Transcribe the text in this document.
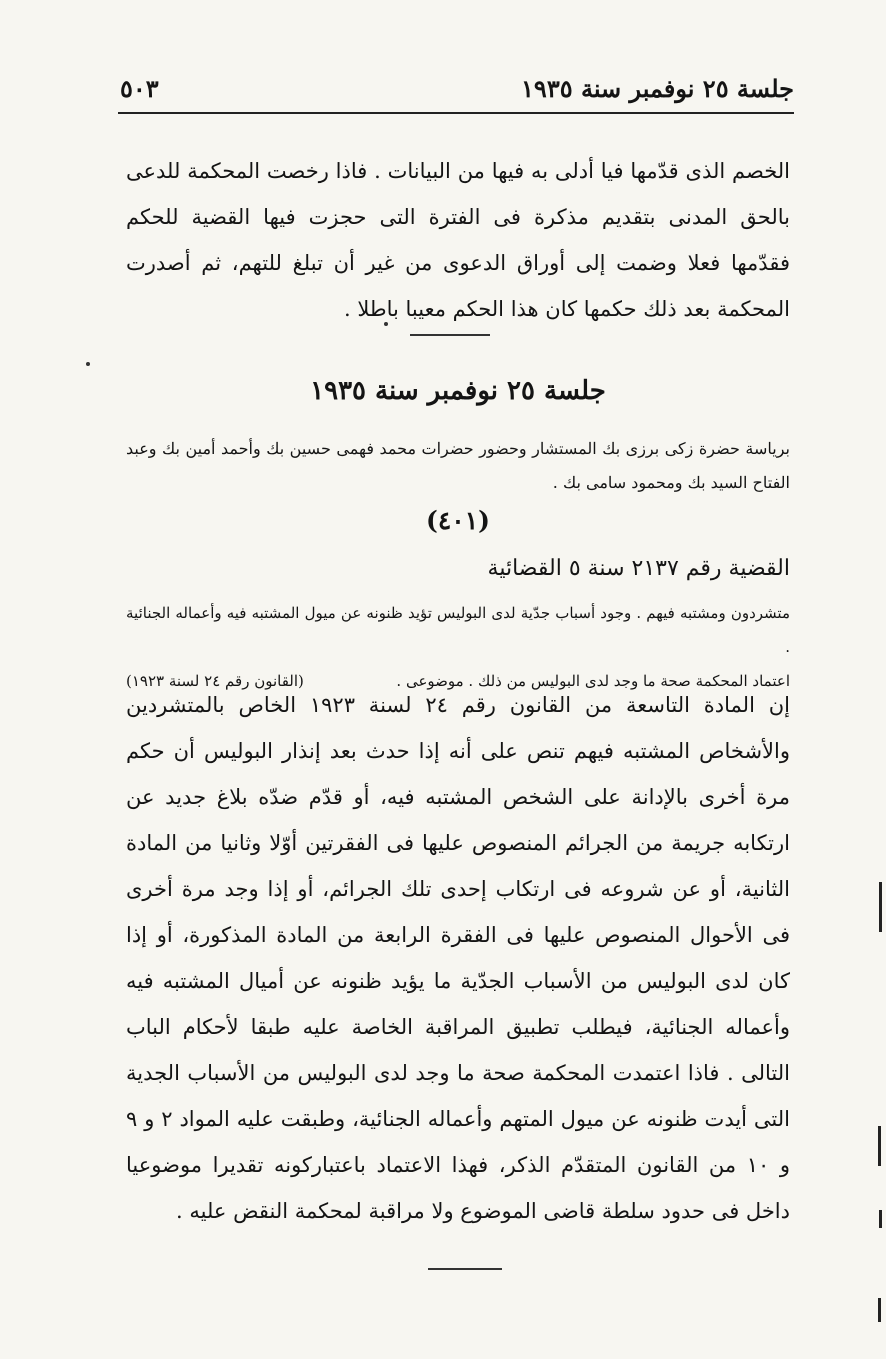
جلسة ٢٥ نوفمبر سنة ١٩٣٥
٥٠٣
الخصم الذى قدّمها فيا أدلى به فيها من البيانات . فاذا رخصت المحكمة للدعى بالحق المدنى بتقديم مذكرة فى الفترة التى حجزت فيها القضية للحكم فقدّمها فعلا وضمت إلى أوراق الدعوى من غير أن تبلغ للتهم، ثم أصدرت المحكمة بعد ذلك حكمها كان هذا الحكم معيبا باطلا .
جلسة ٢٥ نوفمبر سنة ١٩٣٥
برياسة حضرة زكى برزى بك المستشار وحضور حضرات محمد فهمى حسين بك وأحمد أمين بك وعبد الفتاح السيد بك ومحمود سامى بك .
(٤٠١)
القضية رقم ٢١٣٧ سنة ٥ القضائية
متشردون ومشتبه فيهم . وجود أسباب جدّية لدى البوليس تؤيد ظنونه عن ميول المشتبه فيه وأعماله الجنائية .
اعتماد المحكمة صحة ما وجد لدى البوليس من ذلك . موضوعى .
(القانون رقم ٢٤ لسنة ١٩٢٣)
إن المادة التاسعة من القانون رقم ٢٤ لسنة ١٩٢٣ الخاص بالمتشردين والأشخاص المشتبه فيهم تنص على أنه إذا حدث بعد إنذار البوليس أن حكم مرة أخرى بالإدانة على الشخص المشتبه فيه، أو قدّم ضدّه بلاغ جديد عن ارتكابه جريمة من الجرائم المنصوص عليها فى الفقرتين أوّلا وثانيا من المادة الثانية، أو عن شروعه فى ارتكاب إحدى تلك الجرائم، أو إذا وجد مرة أخرى فى الأحوال المنصوص عليها فى الفقرة الرابعة من المادة المذكورة، أو إذا كان لدى البوليس من الأسباب الجدّية ما يؤيد ظنونه عن أميال المشتبه فيه وأعماله الجنائية، فيطلب تطبيق المراقبة الخاصة عليه طبقا لأحكام الباب التالى . فاذا اعتمدت المحكمة صحة ما وجد لدى البوليس من الأسباب الجدية التى أيدت ظنونه عن ميول المتهم وأعماله الجنائية، وطبقت عليه المواد ٢ و ٩ و ١٠ من القانون المتقدّم الذكر، فهذا الاعتماد باعتباركونه تقديرا موضوعيا داخل فى حدود سلطة قاضى الموضوع ولا مراقبة لمحكمة النقض عليه .
